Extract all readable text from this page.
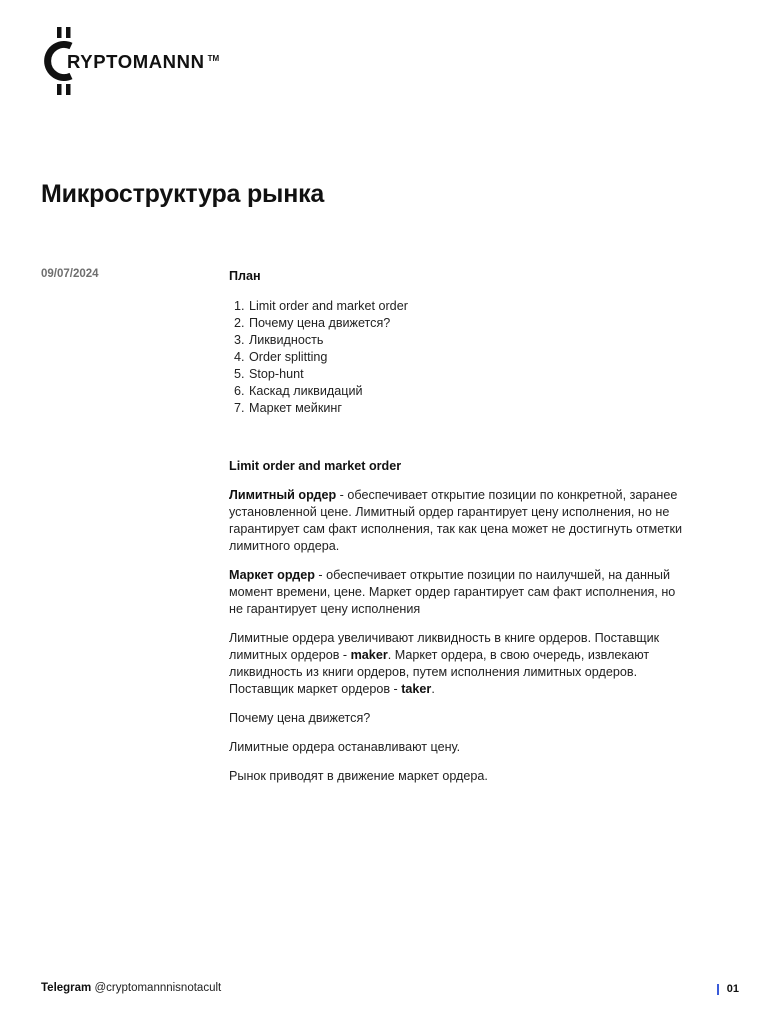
RYPTOMANNN ™
Микроструктура рынка
09/07/2024	План

1. Limit order and market order
2. Почему цена движется?
3. Ликвидность
4. Order splitting
5. Stop-hunt
6. Каскад ликвидаций
7. Маркет мейкинг

Limit order and market order

Лимитный ордер - обеспечивает открытие позиции по конкретной, заранее установленной цене. Лимитный ордер гарантирует цену исполнения, но не гарантирует сам факт исполнения, так как цена может не достигнуть отметки лимитного ордера.

Маркет ордер - обеспечивает открытие позиции по наилучшей, на данный момент времени, цене. Маркет ордер гарантирует сам факт исполнения, но не гарантирует цену исполнения

Лимитные ордера увеличивают ликвидность в книге ордеров. Поставщик лимитных ордеров - maker. Маркет ордера, в свою очередь, извлекают ликвидность из книги ордеров, путем исполнения лимитных ордеров. Поставщик маркет ордеров - taker.

Почему цена движется?

Лимитные ордера останавливают цену.

Рынок приводят в движение маркет ордера.

Telegram @cryptomannnisnotacult	01
